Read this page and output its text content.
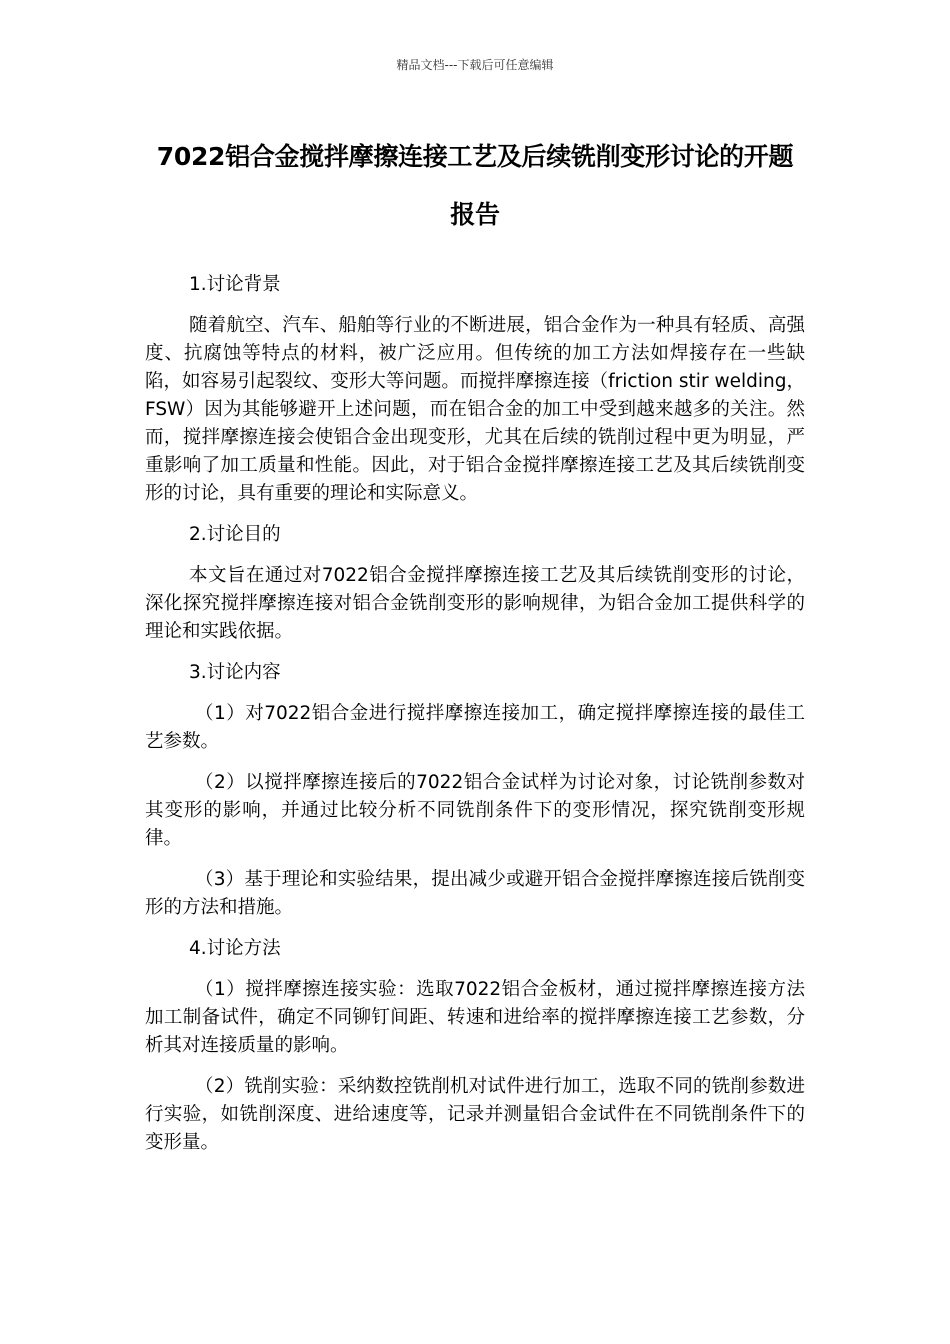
精品文档---下载后可任意编辑
7022铝合金搅拌摩擦连接工艺及后续铣削变形讨论的开题报告

1.讨论背景

随着航空、汽车、船舶等行业的不断进展，铝合金作为一种具有轻质、高强度、抗腐蚀等特点的材料，被广泛应用。但传统的加工方法如焊接存在一些缺陷，如容易引起裂纹、变形大等问题。而搅拌摩擦连接（friction stir welding，FSW）因为其能够避开上述问题，而在铝合金的加工中受到越来越多的关注。然而，搅拌摩擦连接会使铝合金出现变形，尤其在后续的铣削过程中更为明显，严重影响了加工质量和性能。因此，对于铝合金搅拌摩擦连接工艺及其后续铣削变形的讨论，具有重要的理论和实际意义。

2.讨论目的

本文旨在通过对7022铝合金搅拌摩擦连接工艺及其后续铣削变形的讨论，深化探究搅拌摩擦连接对铝合金铣削变形的影响规律，为铝合金加工提供科学的理论和实践依据。

3.讨论内容

（1）对7022铝合金进行搅拌摩擦连接加工，确定搅拌摩擦连接的最佳工艺参数。

（2）以搅拌摩擦连接后的7022铝合金试样为讨论对象，讨论铣削参数对其变形的影响，并通过比较分析不同铣削条件下的变形情况，探究铣削变形规律。

（3）基于理论和实验结果，提出减少或避开铝合金搅拌摩擦连接后铣削变形的方法和措施。

4.讨论方法

（1）搅拌摩擦连接实验：选取7022铝合金板材，通过搅拌摩擦连接方法加工制备试件，确定不同铆钉间距、转速和进给率的搅拌摩擦连接工艺参数，分析其对连接质量的影响。

（2）铣削实验：采纳数控铣削机对试件进行加工，选取不同的铣削参数进行实验，如铣削深度、进给速度等，记录并测量铝合金试件在不同铣削条件下的变形量。
